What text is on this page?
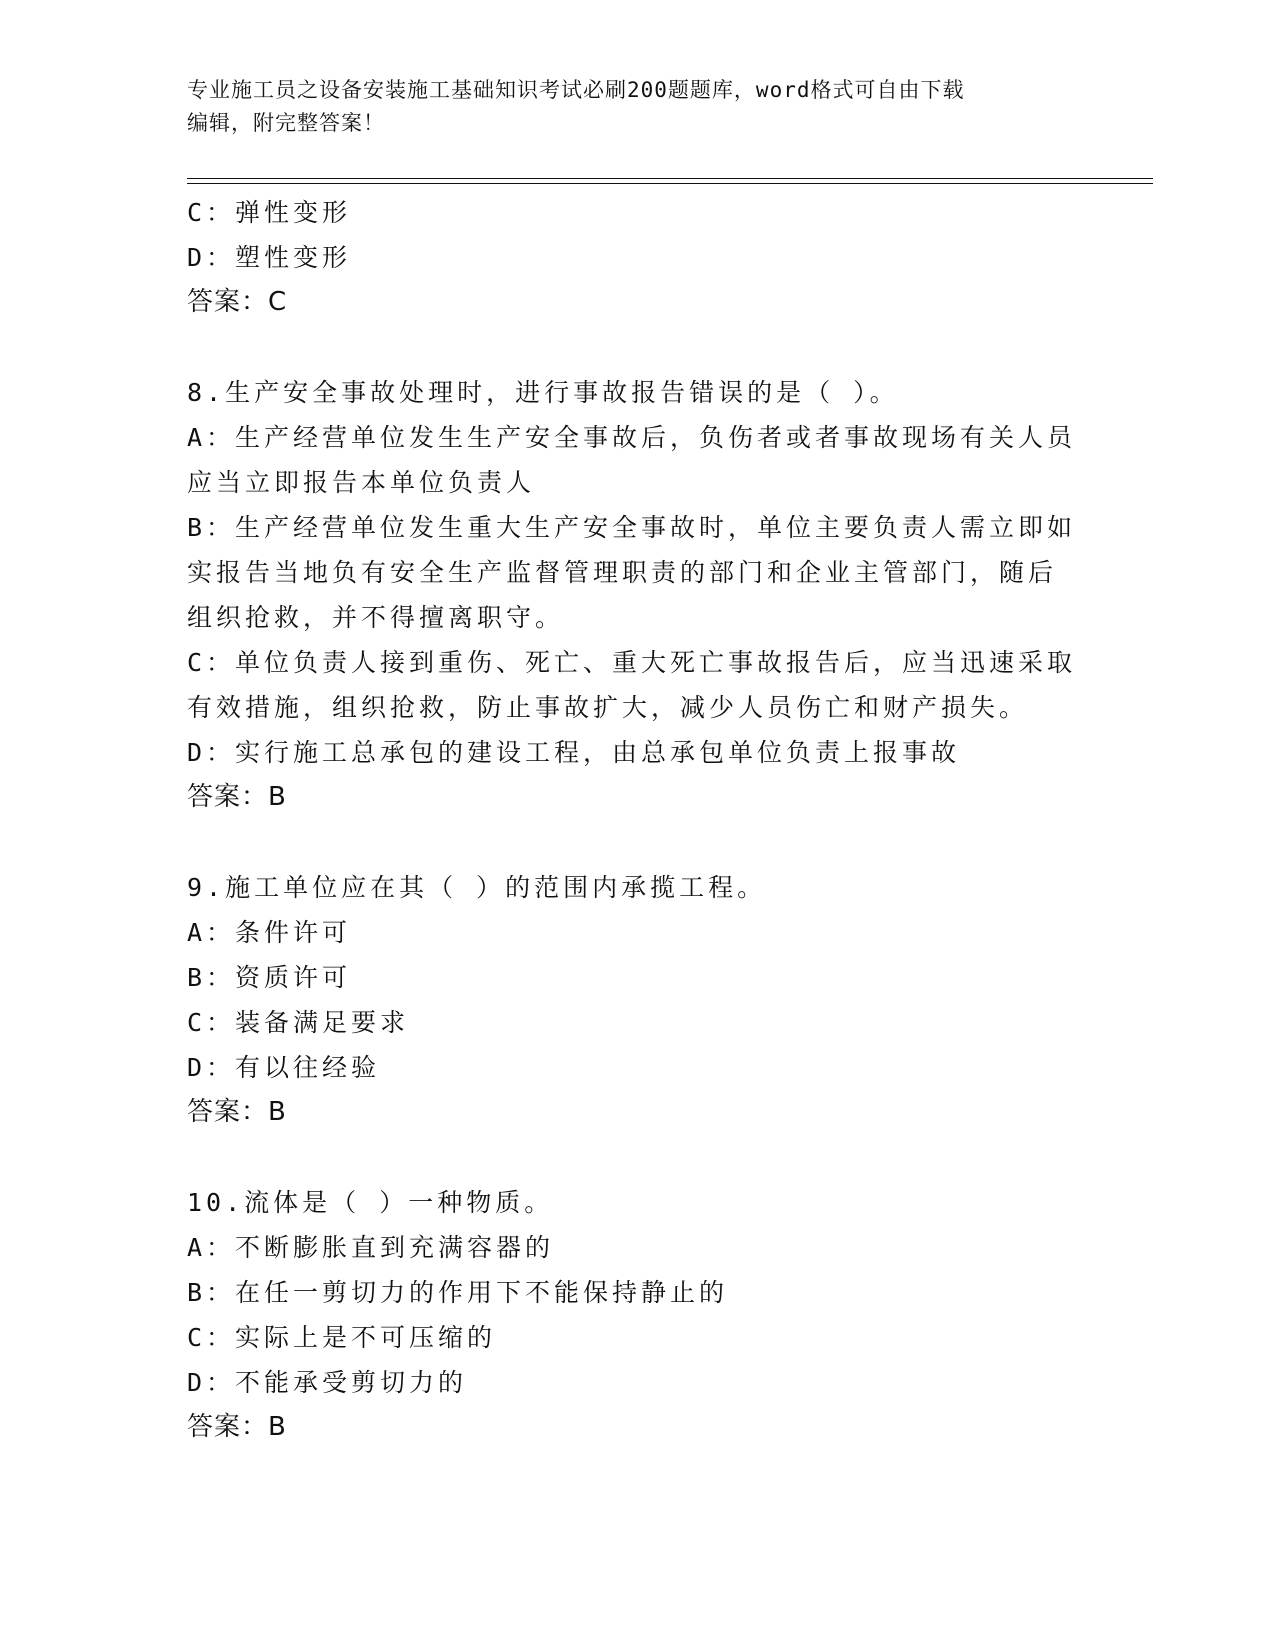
专业施工员之设备安装施工基础知识考试必刷200题题库，word格式可自由下载
编辑，附完整答案！

C：弹性变形

D：塑性变形

答案：C

8.生产安全事故处理时，进行事故报告错误的是（ ）。

A：生产经营单位发生生产安全事故后，负伤者或者事故现场有关人员

应当立即报告本单位负责人

B：生产经营单位发生重大生产安全事故时，单位主要负责人需立即如

实报告当地负有安全生产监督管理职责的部门和企业主管部门，随后

组织抢救，并不得擅离职守。

C：单位负责人接到重伤、死亡、重大死亡事故报告后，应当迅速采取

有效措施，组织抢救，防止事故扩大，减少人员伤亡和财产损失。

D：实行施工总承包的建设工程，由总承包单位负责上报事故

答案：B

9.施工单位应在其（ ）的范围内承揽工程。

A：条件许可

B：资质许可

C：装备满足要求

D：有以往经验

答案：B

10.流体是（ ）一种物质。

A：不断膨胀直到充满容器的

B：在任一剪切力的作用下不能保持静止的

C：实际上是不可压缩的

D：不能承受剪切力的

答案：B
